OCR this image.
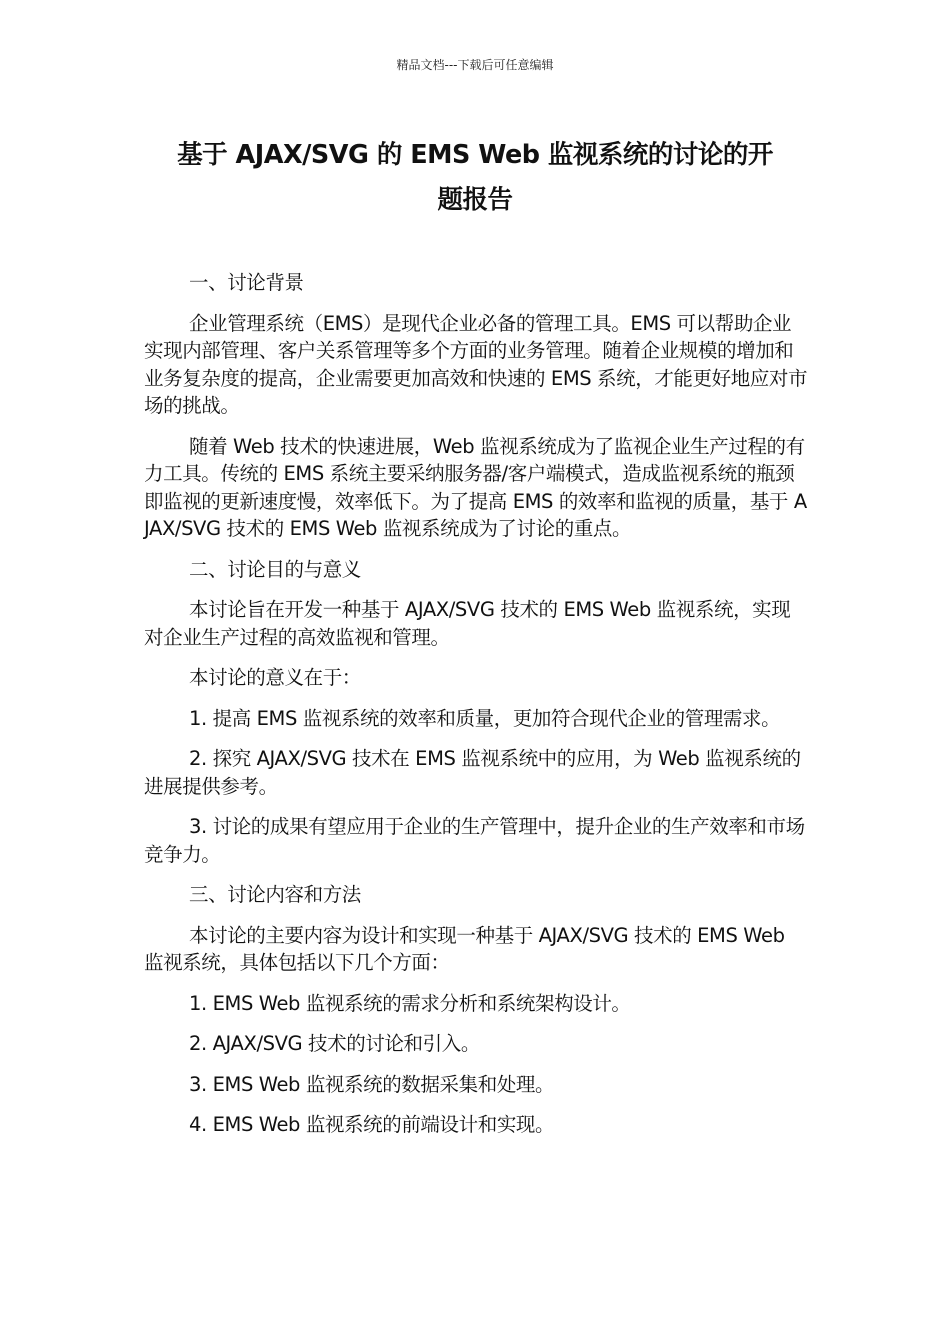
精品文档---下载后可任意编辑
基于 AJAX/SVG 的 EMS Web 监视系统的讨论的开
题报告

一、讨论背景

企业管理系统（EMS）是现代企业必备的管理工具。EMS 可以帮助企业实现内部管理、客户关系管理等多个方面的业务管理。随着企业规模的增加和业务复杂度的提高，企业需要更加高效和快速的 EMS 系统，才能更好地应对市场的挑战。

随着 Web 技术的快速进展，Web 监视系统成为了监视企业生产过程的有力工具。传统的 EMS 系统主要采纳服务器/客户端模式，造成监视系统的瓶颈即监视的更新速度慢，效率低下。为了提高 EMS 的效率和监视的质量，基于 AJAX/SVG 技术的 EMS Web 监视系统成为了讨论的重点。

二、讨论目的与意义

本讨论旨在开发一种基于 AJAX/SVG 技术的 EMS Web 监视系统，实现对企业生产过程的高效监视和管理。

本讨论的意义在于：

1. 提高 EMS 监视系统的效率和质量，更加符合现代企业的管理需求。

2. 探究 AJAX/SVG 技术在 EMS 监视系统中的应用，为 Web 监视系统的进展提供参考。

3. 讨论的成果有望应用于企业的生产管理中，提升企业的生产效率和市场竞争力。

三、讨论内容和方法

本讨论的主要内容为设计和实现一种基于 AJAX/SVG 技术的 EMS Web 监视系统，具体包括以下几个方面：

1. EMS Web 监视系统的需求分析和系统架构设计。

2. AJAX/SVG 技术的讨论和引入。

3. EMS Web 监视系统的数据采集和处理。

4. EMS Web 监视系统的前端设计和实现。
